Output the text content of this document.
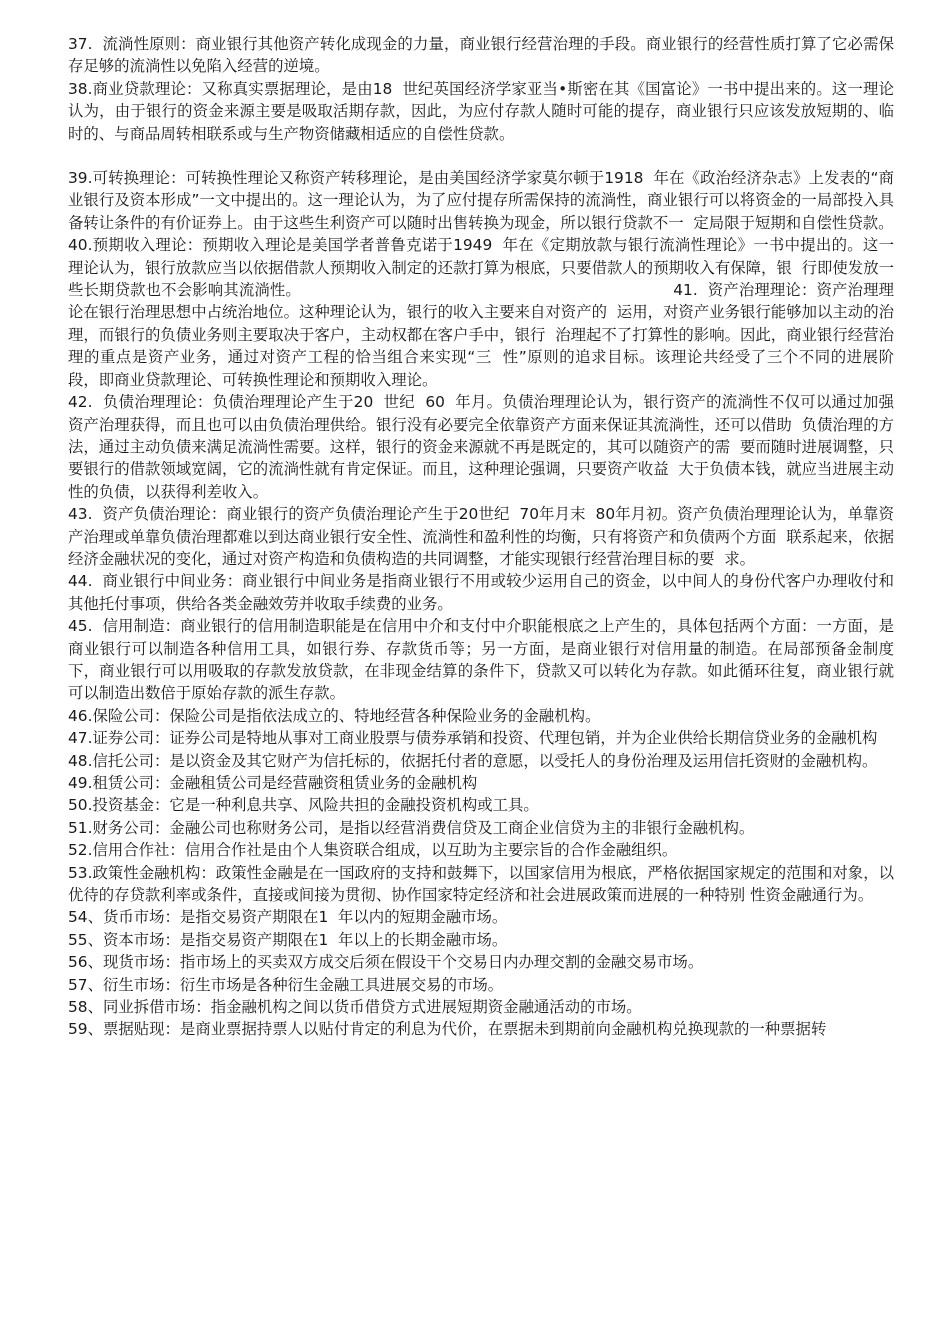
37.  流淌性原则：商业银行其他资产转化成现金的力量，商业银行经营治理的手段。商业银行的经营性质打算了它必需保存足够的流淌性以免陷入经营的逆境。

38.商业贷款理论：又称真实票据理论，是由18  世纪英国经济学家亚当•斯密在其《国富论》一书中提出来的。这一理论认为，由于银行的资金来源主要是吸取活期存款，因此，为应付存款人随时可能的提存，商业银行只应该发放短期的、临时的、与商品周转相联系或与生产物资储藏相适应的自偿性贷款。

39.可转换理论：可转换性理论又称资产转移理论，是由美国经济学家莫尔顿于1918  年在《政治经济杂志》上发表的“商业银行及资本形成”一文中提出的。这一理论认为，为了应付提存所需保持的流淌性，商业银行可以将资金的一局部投入具备转让条件的有价证券上。由于这些生利资产可以随时出售转换为现金，所以银行贷款不一  定局限于短期和自偿性贷款。

40.预期收入理论：预期收入理论是美国学者普鲁克诺于1949  年在《定期放款与银行流淌性理论》一书中提出的。这一理论认为，银行放款应当以依据借款人预期收入制定的还款打算为根底，只要借款人的预期收入有保障，银  行即使发放一些长期贷款也不会影响其流淌性。                                                                          41.  资产治理理论：资产治理理论在银行治理思想中占统治地位。这种理论认为，银行的收入主要来自对资产的  运用，对资产业务银行能够加以主动的治理，而银行的负债业务则主要取决于客户，主动权都在客户手中，银行  治理起不了打算性的影响。因此，商业银行经营治理的重点是资产业务，通过对资产工程的恰当组合来实现“三  性”原则的追求目标。该理论共经受了三个不同的进展阶段，即商业贷款理论、可转换性理论和预期收入理论。

42.  负债治理理论：负债治理理论产生于20  世纪  60  年月。负债治理理论认为，银行资产的流淌性不仅可以通过加强资产治理获得，而且也可以由负债治理供给。银行没有必要完全依靠资产方面来保证其流淌性，还可以借助  负债治理的方法，通过主动负债来满足流淌性需要。这样，银行的资金来源就不再是既定的，其可以随资产的需  要而随时进展调整，只要银行的借款领域宽阔，它的流淌性就有肯定保证。而且，这种理论强调，只要资产收益  大于负债本钱，就应当进展主动性的负债，以获得利差收入。

43.  资产负债治理论：商业银行的资产负债治理论产生于20世纪  70年月末  80年月初。资产负债治理理论认为，单靠资产治理或单靠负债治理都难以到达商业银行安全性、流淌性和盈利性的均衡，只有将资产和负债两个方面  联系起来，依据经济金融状况的变化，通过对资产构造和负债构造的共同调整，才能实现银行经营治理目标的要  求。

44.  商业银行中间业务：商业银行中间业务是指商业银行不用或较少运用自己的资金，以中间人的身份代客户办理收付和其他托付事项，供给各类金融效劳并收取手续费的业务。

45.  信用制造：商业银行的信用制造职能是在信用中介和支付中介职能根底之上产生的，具体包括两个方面：一方面，是商业银行可以制造各种信用工具，如银行券、存款货币等；另一方面，是商业银行对信用量的制造。在局部预备金制度下，商业银行可以用吸取的存款发放贷款，在非现金结算的条件下，贷款又可以转化为存款。如此循环往复，商业银行就可以制造出数倍于原始存款的派生存款。

46.保险公司：保险公司是指依法成立的、特地经营各种保险业务的金融机构。

47.证券公司：证券公司是特地从事对工商业股票与债券承销和投资、代理包销，并为企业供给长期信贷业务的金融机构

48.信托公司：是以资金及其它财产为信托标的，依据托付者的意愿，以受托人的身份治理及运用信托资财的金融机构。

49.租赁公司：金融租赁公司是经营融资租赁业务的金融机构

50.投资基金：它是一种利息共享、风险共担的金融投资机构或工具。

51.财务公司：金融公司也称财务公司，是指以经营消费信贷及工商企业信贷为主的非银行金融机构。

52.信用合作社：信用合作社是由个人集资联合组成，以互助为主要宗旨的合作金融组织。

53.政策性金融机构：政策性金融是在一国政府的支持和鼓舞下，以国家信用为根底，严格依据国家规定的范围和对象，以优待的存贷款利率或条件，直接或间接为贯彻、协作国家特定经济和社会进展政策而进展的一种特别 性资金融通行为。

54、货币市场：是指交易资产期限在1  年以内的短期金融市场。

55、资本市场：是指交易资产期限在1  年以上的长期金融市场。

56、现货市场：指市场上的买卖双方成交后须在假设干个交易日内办理交割的金融交易市场。

57、衍生市场：衍生市场是各种衍生金融工具进展交易的市场。

58、同业拆借市场：指金融机构之间以货币借贷方式进展短期资金融通活动的市场。

59、票据贴现：是商业票据持票人以贴付肯定的利息为代价，在票据未到期前向金融机构兑换现款的一种票据转
